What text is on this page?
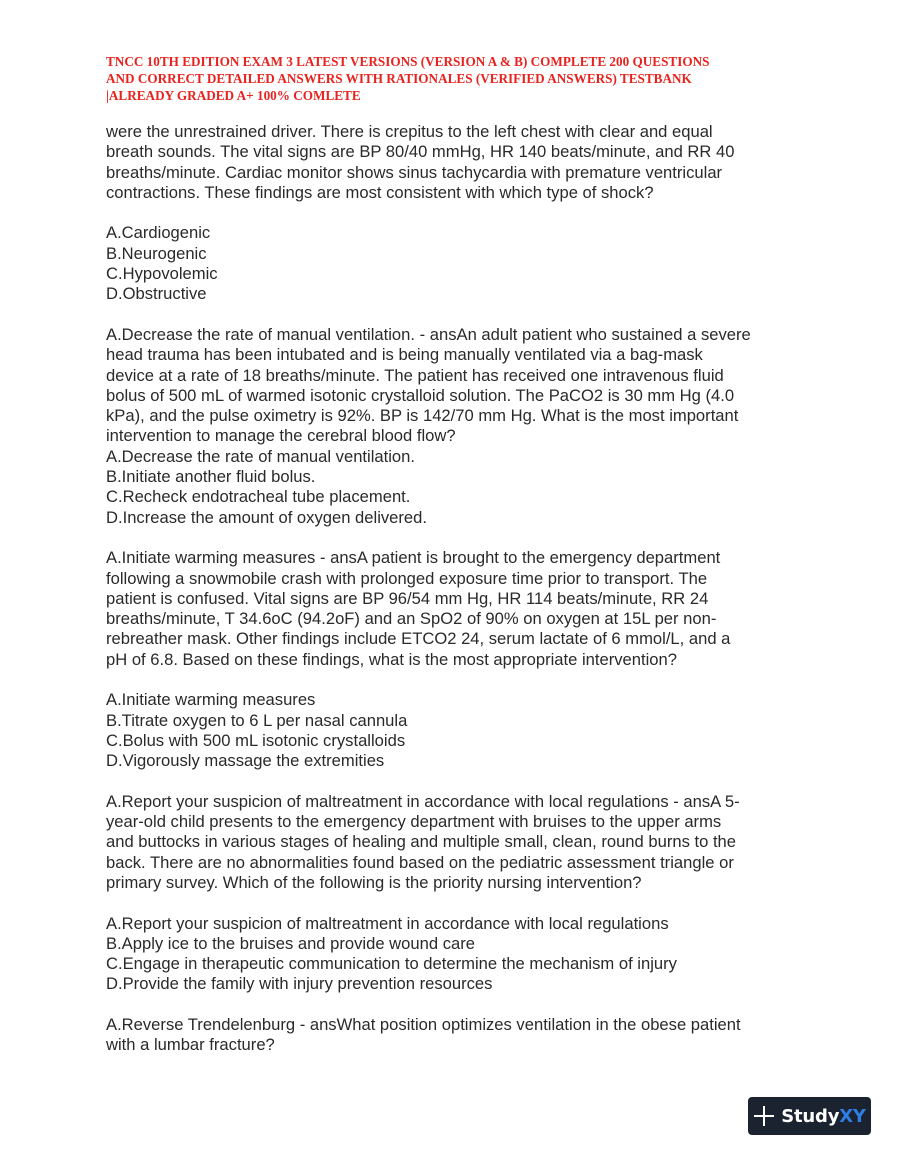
TNCC 10TH EDITION EXAM 3 LATEST VERSIONS (VERSION A & B) COMPLETE 200 QUESTIONS
AND CORRECT DETAILED ANSWERS WITH RATIONALES (VERIFIED ANSWERS) TESTBANK
|ALREADY GRADED A+ 100% COMLETE
were the unrestrained driver. There is crepitus to the left chest with clear and equal
breath sounds. The vital signs are BP 80/40 mmHg, HR 140 beats/minute, and RR 40
breaths/minute. Cardiac monitor shows sinus tachycardia with premature ventricular
contractions. These findings are most consistent with which type of shock?
A.Cardiogenic
B.Neurogenic
C.Hypovolemic
D.Obstructive
A.Decrease the rate of manual ventilation. - ansAn adult patient who sustained a severe
head trauma has been intubated and is being manually ventilated via a bag-mask
device at a rate of 18 breaths/minute. The patient has received one intravenous fluid
bolus of 500 mL of warmed isotonic crystalloid solution. The PaCO2 is 30 mm Hg (4.0
kPa), and the pulse oximetry is 92%. BP is 142/70 mm Hg. What is the most important
intervention to manage the cerebral blood flow?
A.Decrease the rate of manual ventilation.
B.Initiate another fluid bolus.
C.Recheck endotracheal tube placement.
D.Increase the amount of oxygen delivered.
A.Initiate warming measures - ansA patient is brought to the emergency department
following a snowmobile crash with prolonged exposure time prior to transport. The
patient is confused. Vital signs are BP 96/54 mm Hg, HR 114 beats/minute, RR 24
breaths/minute, T 34.6oC (94.2oF) and an SpO2 of 90% on oxygen at 15L per non-
rebreather mask. Other findings include ETCO2 24, serum lactate of 6 mmol/L, and a
pH of 6.8. Based on these findings, what is the most appropriate intervention?
A.Initiate warming measures
B.Titrate oxygen to 6 L per nasal cannula
C.Bolus with 500 mL isotonic crystalloids
D.Vigorously massage the extremities
A.Report your suspicion of maltreatment in accordance with local regulations - ansA 5-
year-old child presents to the emergency department with bruises to the upper arms
and buttocks in various stages of healing and multiple small, clean, round burns to the
back. There are no abnormalities found based on the pediatric assessment triangle or
primary survey. Which of the following is the priority nursing intervention?
A.Report your suspicion of maltreatment in accordance with local regulations
B.Apply ice to the bruises and provide wound care
C.Engage in therapeutic communication to determine the mechanism of injury
D.Provide the family with injury prevention resources
A.Reverse Trendelenburg - ansWhat position optimizes ventilation in the obese patient
with a lumbar fracture?
StudyXY
